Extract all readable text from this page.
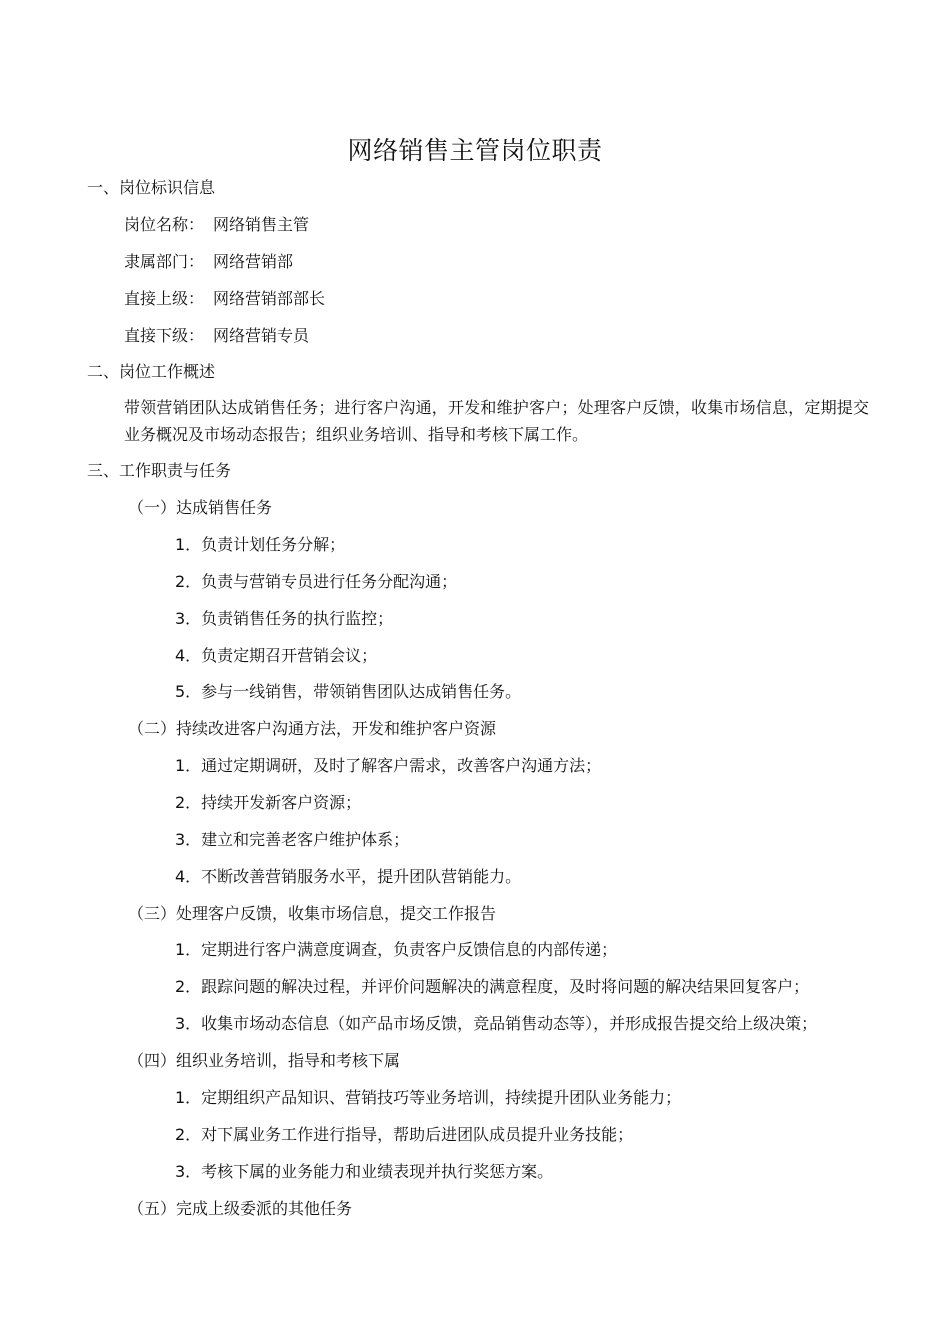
网络销售主管岗位职责
一、岗位标识信息
岗位名称： 网络销售主管
隶属部门： 网络营销部
直接上级： 网络营销部部长
直接下级： 网络营销专员
二、岗位工作概述
带领营销团队达成销售任务；进行客户沟通，开发和维护客户；处理客户反馈，收集市场信息，定期提交业务概况及市场动态报告；组织业务培训、指导和考核下属工作。
三、工作职责与任务
（一）达成销售任务
1．负责计划任务分解；
2．负责与营销专员进行任务分配沟通；
3．负责销售任务的执行监控；
4．负责定期召开营销会议；
5．参与一线销售，带领销售团队达成销售任务。
（二）持续改进客户沟通方法，开发和维护客户资源
1．通过定期调研，及时了解客户需求，改善客户沟通方法；
2．持续开发新客户资源；
3．建立和完善老客户维护体系；
4．不断改善营销服务水平，提升团队营销能力。
（三）处理客户反馈，收集市场信息，提交工作报告
1．定期进行客户满意度调查，负责客户反馈信息的内部传递；
2．跟踪问题的解决过程，并评价问题解决的满意程度，及时将问题的解决结果回复客户；
3．收集市场动态信息（如产品市场反馈，竞品销售动态等），并形成报告提交给上级决策；
（四）组织业务培训，指导和考核下属
1．定期组织产品知识、营销技巧等业务培训，持续提升团队业务能力；
2．对下属业务工作进行指导，帮助后进团队成员提升业务技能；
3．考核下属的业务能力和业绩表现并执行奖惩方案。
（五）完成上级委派的其他任务
